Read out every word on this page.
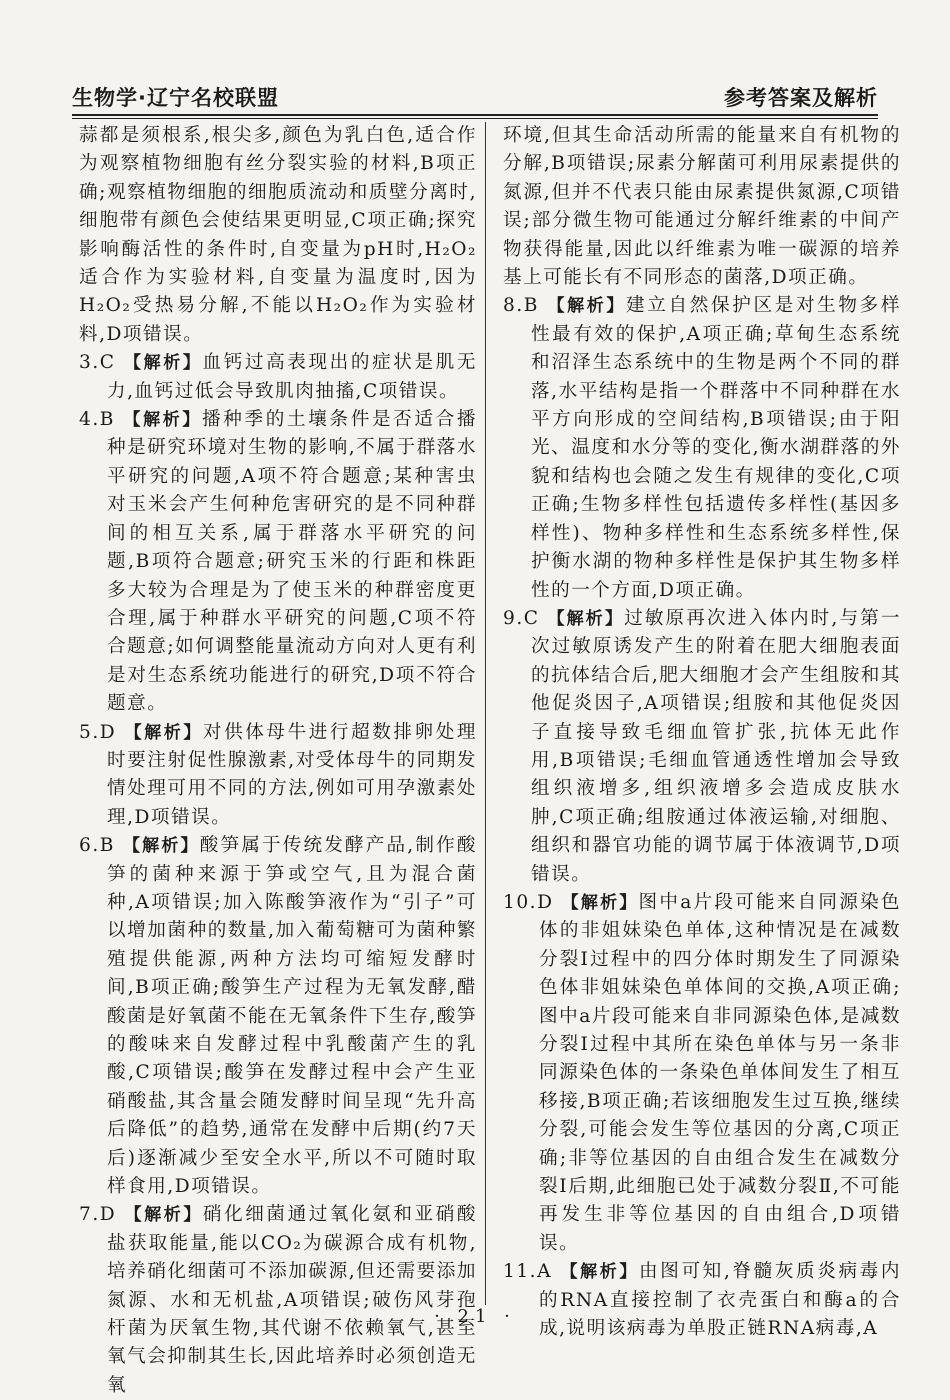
生物学·辽宁名校联盟	参考答案及解析

蒜都是须根系,根尖多,颜色为乳白色,适合作为观察植物细胞有丝分裂实验的材料,B项正确;观察植物细胞的细胞质流动和质壁分离时,细胞带有颜色会使结果更明显,C项正确;探究影响酶活性的条件时,自变量为pH时,H₂O₂适合作为实验材料,自变量为温度时,因为H₂O₂受热易分解,不能以H₂O₂作为实验材料,D项错误。

3.C 【解析】血钙过高表现出的症状是肌无力,血钙过低会导致肌肉抽搐,C项错误。

4.B 【解析】播种季的土壤条件是否适合播种是研究环境对生物的影响,不属于群落水平研究的问题,A项不符合题意;某种害虫对玉米会产生何种危害研究的是不同种群间的相互关系,属于群落水平研究的问题,B项符合题意;研究玉米的行距和株距多大较为合理是为了使玉米的种群密度更合理,属于种群水平研究的问题,C项不符合题意;如何调整能量流动方向对人更有利是对生态系统功能进行的研究,D项不符合题意。

5.D 【解析】对供体母牛进行超数排卵处理时要注射促性腺激素,对受体母牛的同期发情处理可用不同的方法,例如可用孕激素处理,D项错误。

6.B 【解析】酸笋属于传统发酵产品,制作酸笋的菌种来源于笋或空气,且为混合菌种,A项错误;加入陈酸笋液作为“引子”可以增加菌种的数量,加入葡萄糖可为菌种繁殖提供能源,两种方法均可缩短发酵时间,B项正确;酸笋生产过程为无氧发酵,醋酸菌是好氧菌不能在无氧条件下生存,酸笋的酸味来自发酵过程中乳酸菌产生的乳酸,C项错误;酸笋在发酵过程中会产生亚硝酸盐,其含量会随发酵时间呈现“先升高后降低”的趋势,通常在发酵中后期(约7天后)逐渐减少至安全水平,所以不可随时取样食用,D项错误。

7.D 【解析】硝化细菌通过氧化氨和亚硝酸盐获取能量,能以CO₂为碳源合成有机物,培养硝化细菌可不添加碳源,但还需要添加氮源、水和无机盐,A项错误;破伤风芽孢杆菌为厌氧生物,其代谢不依赖氧气,甚至氧气会抑制其生长,因此培养时必须创造无氧

环境,但其生命活动所需的能量来自有机物的分解,B项错误;尿素分解菌可利用尿素提供的氮源,但并不代表只能由尿素提供氮源,C项错误;部分微生物可能通过分解纤维素的中间产物获得能量,因此以纤维素为唯一碳源的培养基上可能长有不同形态的菌落,D项正确。

8.B 【解析】建立自然保护区是对生物多样性最有效的保护,A项正确;草甸生态系统和沼泽生态系统中的生物是两个不同的群落,水平结构是指一个群落中不同种群在水平方向形成的空间结构,B项错误;由于阳光、温度和水分等的变化,衡水湖群落的外貌和结构也会随之发生有规律的变化,C项正确;生物多样性包括遗传多样性(基因多样性)、物种多样性和生态系统多样性,保护衡水湖的物种多样性是保护其生物多样性的一个方面,D项正确。

9.C 【解析】过敏原再次进入体内时,与第一次过敏原诱发产生的附着在肥大细胞表面的抗体结合后,肥大细胞才会产生组胺和其他促炎因子,A项错误;组胺和其他促炎因子直接导致毛细血管扩张,抗体无此作用,B项错误;毛细血管通透性增加会导致组织液增多,组织液增多会造成皮肤水肿,C项正确;组胺通过体液运输,对细胞、组织和器官功能的调节属于体液调节,D项错误。

10.D 【解析】图中a片段可能来自同源染色体的非姐妹染色单体,这种情况是在减数分裂Ⅰ过程中的四分体时期发生了同源染色体非姐妹染色单体间的交换,A项正确;图中a片段可能来自非同源染色体,是减数分裂Ⅰ过程中其所在染色单体与另一条非同源染色体的一条染色单体间发生了相互移接,B项正确;若该细胞发生过互换,继续分裂,可能会发生等位基因的分离,C项正确;非等位基因的自由组合发生在减数分裂Ⅰ后期,此细胞已处于减数分裂Ⅱ,不可能再发生非等位基因的自由组合,D项错误。

11.A 【解析】由图可知,脊髓灰质炎病毒内的RNA直接控制了衣壳蛋白和酶a的合成,说明该病毒为单股正链RNA病毒,A

· 21 ·
